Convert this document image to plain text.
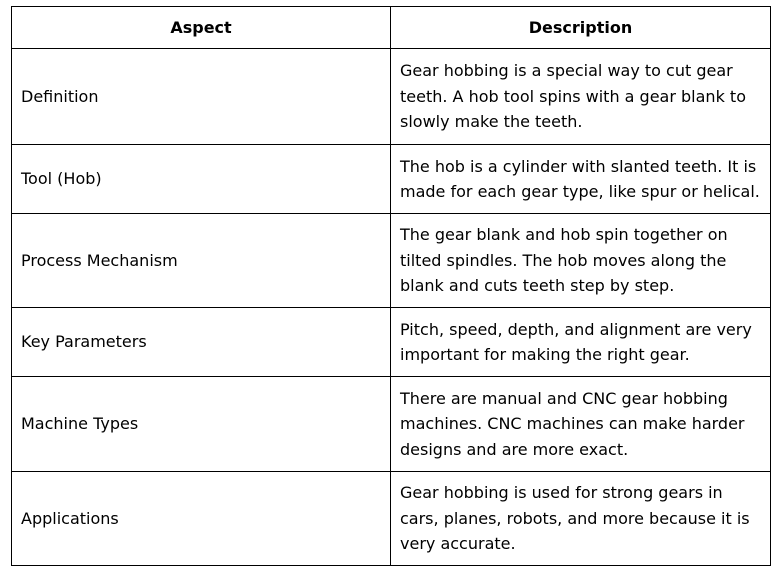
Aspect	Description
Definition	Gear hobbing is a special way to cut gear teeth. A hob tool spins with a gear blank to slowly make the teeth.
Tool (Hob)	The hob is a cylinder with slanted teeth. It is made for each gear type, like spur or helical.
Process Mechanism	The gear blank and hob spin together on tilted spindles. The hob moves along the blank and cuts teeth step by step.
Key Parameters	Pitch, speed, depth, and alignment are very important for making the right gear.
Machine Types	There are manual and CNC gear hobbing machines. CNC machines can make harder designs and are more exact.
Applications	Gear hobbing is used for strong gears in cars, planes, robots, and more because it is very accurate.
